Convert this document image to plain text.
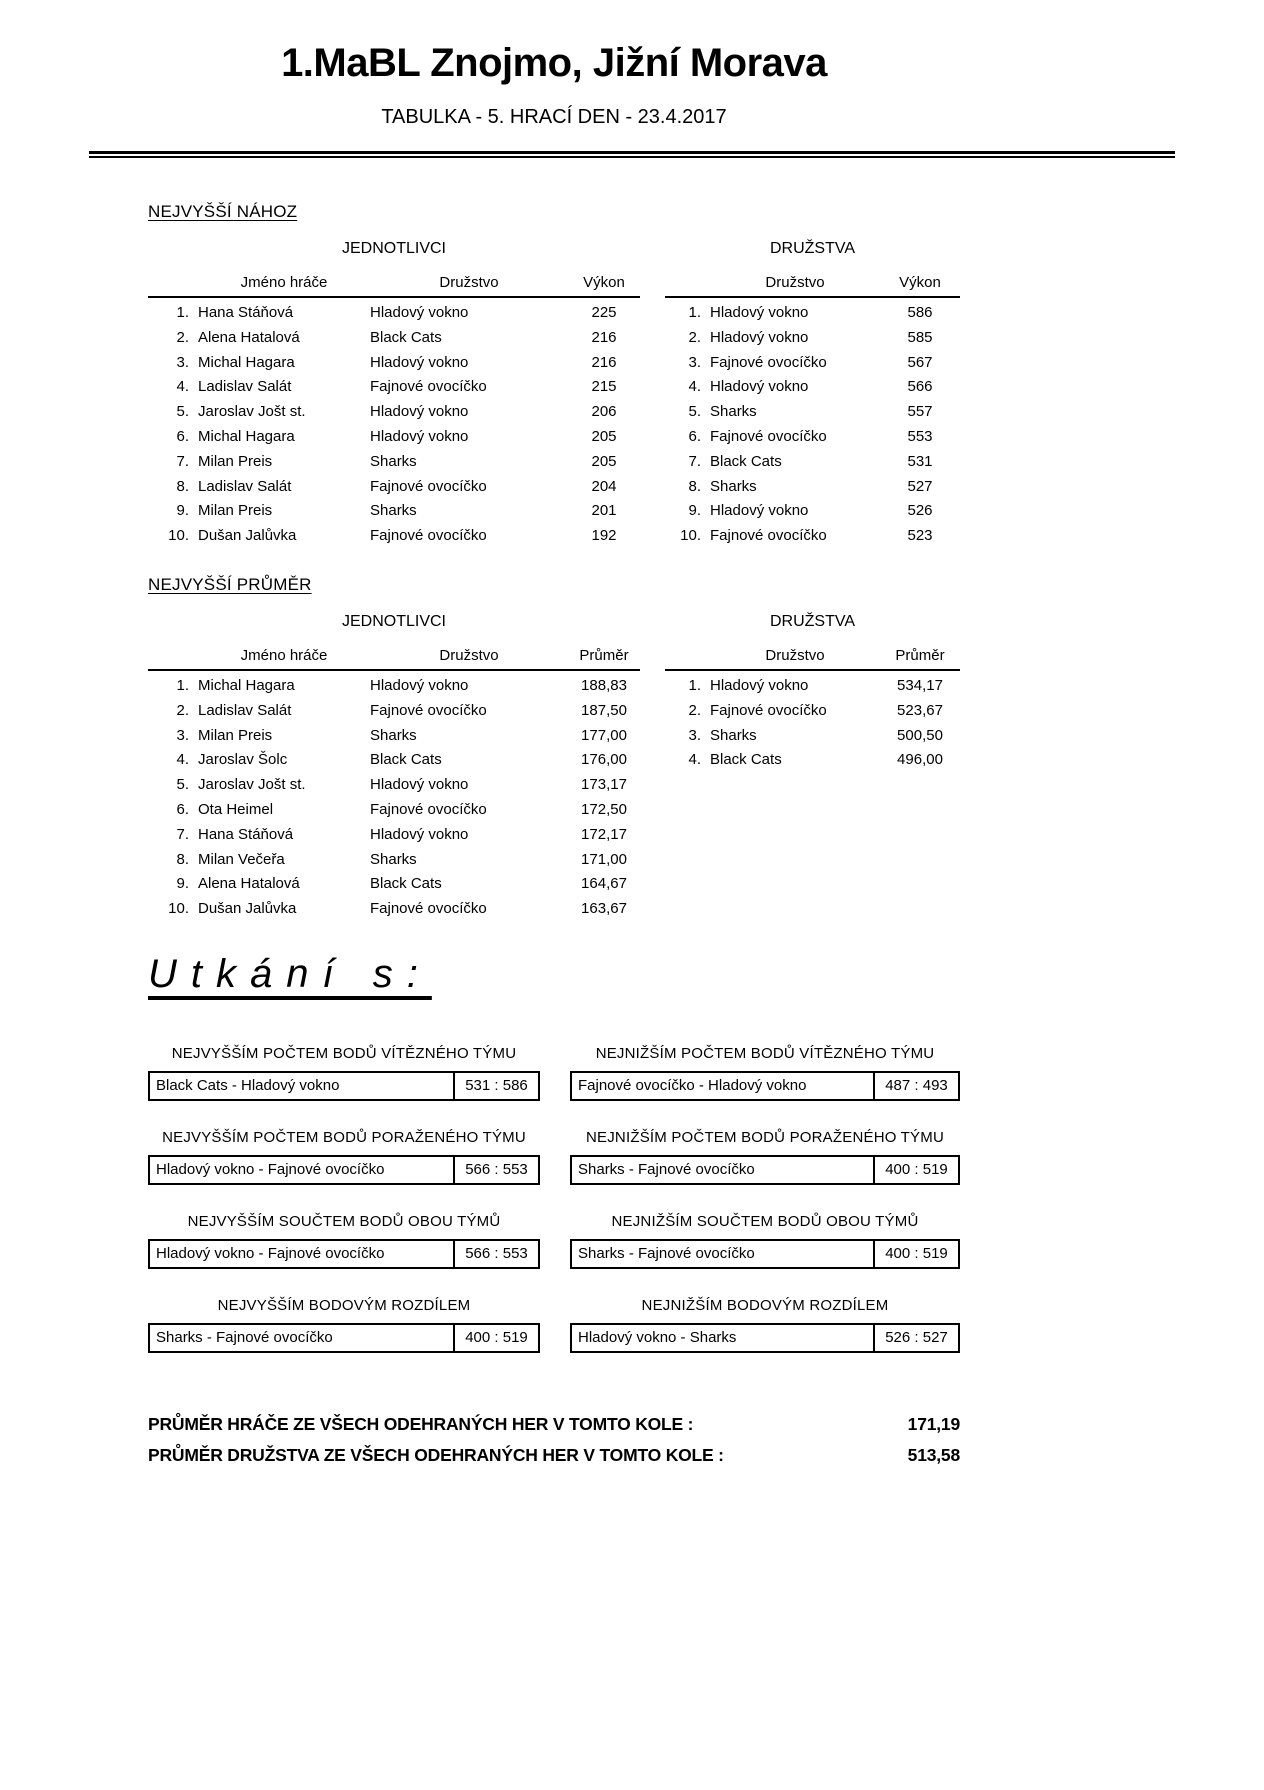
1.MaBL Znojmo, Jižní Morava
TABULKA - 5. HRACÍ DEN - 23.4.2017
NEJVYŠŠÍ NÁHOZ
JEDNOTLIVCI
Jméno hráče	Družstvo	Výkon
1. Hana Stáňová	Hladový vokno	225
2. Alena Hatalová	Black Cats	216
3. Michal Hagara	Hladový vokno	216
4. Ladislav Salát	Fajnové ovocíčko	215
5. Jaroslav Jošt st.	Hladový vokno	206
6. Michal Hagara	Hladový vokno	205
7. Milan Preis	Sharks	205
8. Ladislav Salát	Fajnové ovocíčko	204
9. Milan Preis	Sharks	201
10. Dušan Jalůvka	Fajnové ovocíčko	192
DRUŽSTVA
Družstvo	Výkon
1. Hladový vokno	586
2. Hladový vokno	585
3. Fajnové ovocíčko	567
4. Hladový vokno	566
5. Sharks	557
6. Fajnové ovocíčko	553
7. Black Cats	531
8. Sharks	527
9. Hladový vokno	526
10. Fajnové ovocíčko	523
NEJVYŠŠÍ PRŮMĚR
JEDNOTLIVCI
Jméno hráče	Družstvo	Průměr
1. Michal Hagara	Hladový vokno	188,83
2. Ladislav Salát	Fajnové ovocíčko	187,50
3. Milan Preis	Sharks	177,00
4. Jaroslav Šolc	Black Cats	176,00
5. Jaroslav Jošt st.	Hladový vokno	173,17
6. Ota Heimel	Fajnové ovocíčko	172,50
7. Hana Stáňová	Hladový vokno	172,17
8. Milan Večeřa	Sharks	171,00
9. Alena Hatalová	Black Cats	164,67
10. Dušan Jalůvka	Fajnové ovocíčko	163,67
DRUŽSTVA
Družstvo	Průměr
1. Hladový vokno	534,17
2. Fajnové ovocíčko	523,67
3. Sharks	500,50
4. Black Cats	496,00
Utkání s:
NEJVYŠŠÍM POČTEM BODŮ VÍTĚZNÉHO TÝMU
Black Cats - Hladový vokno	531 : 586
NEJNIŽŠÍM POČTEM BODŮ VÍTĚZNÉHO TÝMU
Fajnové ovocíčko - Hladový vokno	487 : 493
NEJVYŠŠÍM POČTEM BODŮ PORAŽENÉHO TÝMU
Hladový vokno - Fajnové ovocíčko	566 : 553
NEJNIŽŠÍM POČTEM BODŮ PORAŽENÉHO TÝMU
Sharks - Fajnové ovocíčko	400 : 519
NEJVYŠŠÍM SOUČTEM BODŮ OBOU TÝMŮ
Hladový vokno - Fajnové ovocíčko	566 : 553
NEJNIŽŠÍM SOUČTEM BODŮ OBOU TÝMŮ
Sharks - Fajnové ovocíčko	400 : 519
NEJVYŠŠÍM BODOVÝM ROZDÍLEM
Sharks - Fajnové ovocíčko	400 : 519
NEJNIŽŠÍM BODOVÝM ROZDÍLEM
Hladový vokno - Sharks	526 : 527
PRŮMĚR HRÁČE ZE VŠECH ODEHRANÝCH HER V TOMTO KOLE :	171,19
PRŮMĚR DRUŽSTVA ZE VŠECH ODEHRANÝCH HER V TOMTO KOLE :	513,58
